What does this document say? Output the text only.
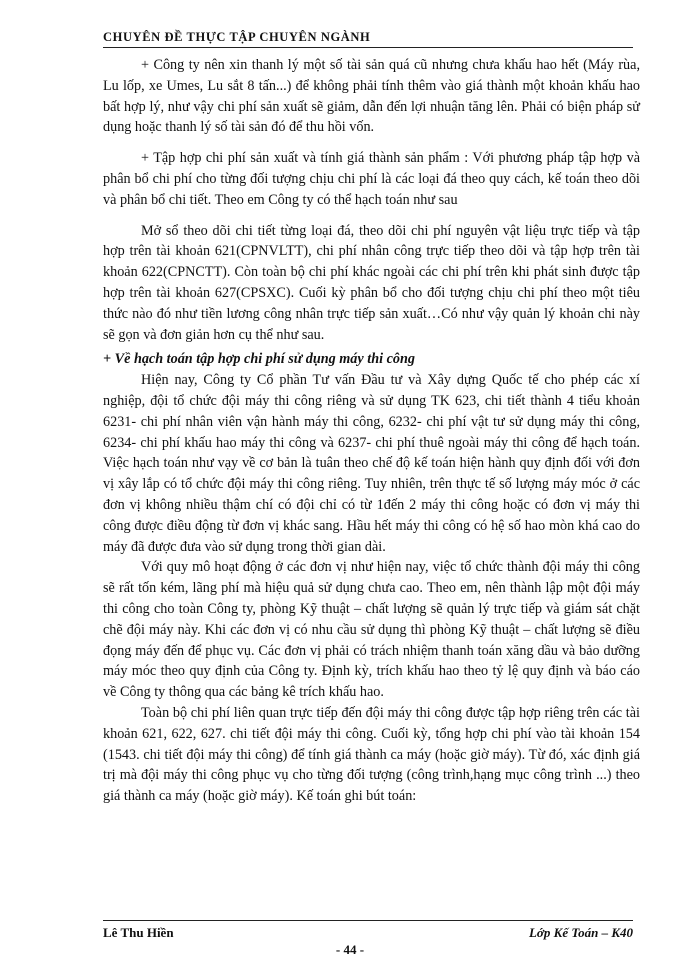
CHUYÊN ĐỀ THỰC TẬP CHUYÊN NGÀNH

+ Công ty nên xin thanh lý một số tài sản quá cũ nhưng chưa khấu hao hết (Máy rùa, Lu lốp, xe Umes, Lu sắt 8 tấn...) để không phải tính thêm vào giá thành một khoản khấu hao bất hợp lý, như vậy chi phí sản xuất sẽ giảm, dẫn đến lợi nhuận tăng lên. Phải có biện pháp sử dụng hoặc thanh lý số tài sản đó để thu hồi vốn.

+ Tập hợp chi phí sản xuất và tính giá thành sản phẩm : Với phương pháp tập hợp và phân bổ chi phí cho từng đối tượng chịu chi phí là các loại đá theo quy cách, kế toán theo dõi và phân bổ chi tiết. Theo em Công ty có thể hạch toán như sau

Mở sổ theo dõi chi tiết từng loại đá, theo dõi chi phí nguyên vật liệu trực tiếp và tập hợp trên tài khoản 621(CPNVLTT), chi phí nhân công trực tiếp theo dõi và tập hợp trên tài khoản 622(CPNCTT). Còn toàn bộ chi phí khác ngoài các chi phí trên khi phát sinh được tập hợp trên tài khoản 627(CPSXC). Cuối kỳ phân bổ cho đối tượng chịu chi phí theo một tiêu thức nào đó như tiền lương công nhân trực tiếp sản xuất…Có như vậy quản lý khoản chi này sẽ gọn và đơn giản hơn cụ thể như sau.

+ Về hạch toán tập hợp chi phí sử dụng máy thi công

Hiện nay, Công ty Cổ phần Tư vấn Đầu tư và Xây dựng Quốc tế cho phép các xí nghiệp, đội tổ chức đội máy thi công riêng và sử dụng TK 623, chi tiết thành 4 tiểu khoản 6231- chi phí nhân viên vận hành máy thi công, 6232- chi phí vật tư sử dụng máy thi công, 6234- chi phí khấu hao máy thi công và 6237- chi phí thuê ngoài máy thi công để hạch toán. Việc hạch toán như vạy về cơ bản là tuân theo chế độ kế toán hiện hành quy định đối với đơn vị xây lắp có tổ chức đội máy thi công riêng. Tuy nhiên, trên thực tế số lượng máy móc ở các đơn vị không nhiều thậm chí có đội chỉ có từ 1đến 2 máy thi công hoặc có đơn vị máy thi công được điều động từ đơn vị khác sang. Hầu hết máy thi công có hệ số hao mòn khá cao do máy đã được đưa vào sử dụng trong thời gian dài.

Với quy mô hoạt động ở các đơn vị như hiện nay, việc tổ chức thành đội máy thi công sẽ rất tốn kém, lãng phí mà hiệu quả sử dụng chưa cao. Theo em, nên thành lập một đội máy thi công cho toàn Công ty, phòng Kỹ thuật – chất lượng sẽ quản lý trực tiếp và giám sát chặt chẽ đội máy này. Khi các đơn vị có nhu cầu sử dụng thì phòng Kỹ thuật – chất lượng sẽ điều đọng máy đến để phục vụ. Các đơn vị phải có trách nhiệm thanh toán xăng dầu và bảo dưỡng máy móc theo quy định của Công ty. Định kỳ, trích khấu hao theo tỷ lệ quy định và báo cáo về Công ty thông qua các bảng kê trích khấu hao.

Toàn bộ chi phí liên quan trực tiếp đến đội máy thi công được tập hợp riêng trên các tài khoản 621, 622, 627. chi tiết đội máy thi công. Cuối kỳ, tổng hợp chi phí vào tài khoản 154 (1543. chi tiết đội máy thi công) để tính giá thành ca máy (hoặc giờ máy). Từ đó, xác định giá trị mà đội máy thi công phục vụ cho từng đối tượng (công trình,hạng mục công trình ...) theo giá thành ca máy (hoặc giờ máy). Kế toán ghi bút toán:

Lê Thu Hiền	Lớp Kế Toán – K40
- 44 -
